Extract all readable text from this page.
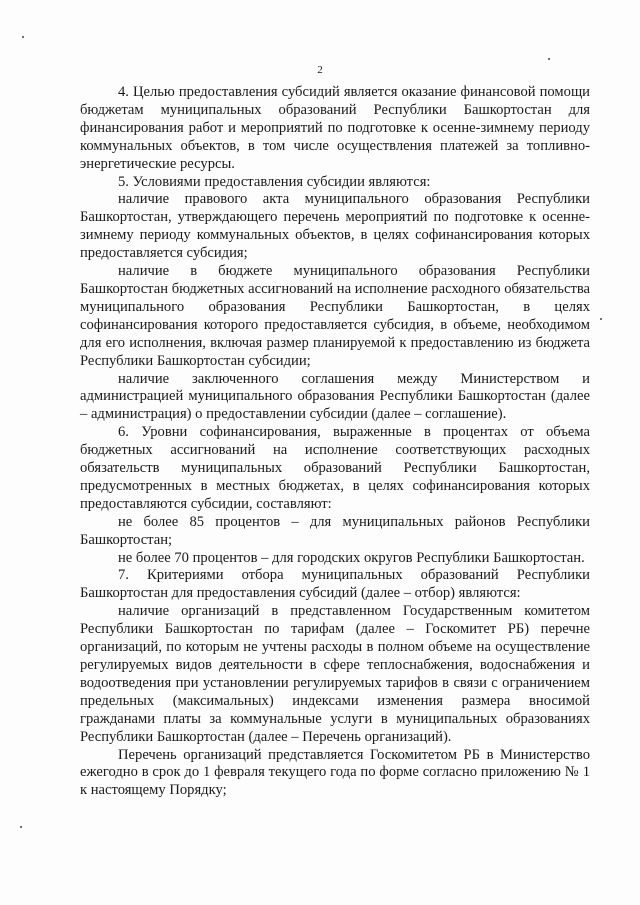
2

4. Целью предоставления субсидий является оказание финансовой помощи бюджетам муниципальных образований Республики Башкортостан для финансирования работ и мероприятий по подготовке к осенне-зимнему периоду коммунальных объектов, в том числе осуществления платежей за топливно-энергетические ресурсы.

5. Условиями предоставления субсидии являются:

наличие правового акта муниципального образования Республики Башкортостан, утверждающего перечень мероприятий по подготовке к осенне-зимнему периоду коммунальных объектов, в целях софинансирования которых предоставляется субсидия;

наличие в бюджете муниципального образования Республики Башкортостан бюджетных ассигнований на исполнение расходного обязательства муниципального образования Республики Башкортостан, в целях софинансирования которого предоставляется субсидия, в объеме, необходимом для его исполнения, включая размер планируемой к предоставлению из бюджета Республики Башкортостан субсидии;

наличие заключенного соглашения между Министерством и администрацией муниципального образования Республики Башкортостан (далее – администрация) о предоставлении субсидии (далее – соглашение).

6. Уровни софинансирования, выраженные в процентах от объема бюджетных ассигнований на исполнение соответствующих расходных обязательств муниципальных образований Республики Башкортостан, предусмотренных в местных бюджетах, в целях софинансирования которых предоставляются субсидии, составляют:

не более 85 процентов – для муниципальных районов Республики Башкортостан;

не более 70 процентов – для городских округов Республики Башкортостан.

7. Критериями отбора муниципальных образований Республики Башкортостан для предоставления субсидий (далее – отбор) являются:

наличие организаций в представленном Государственным комитетом Республики Башкортостан по тарифам (далее – Госкомитет РБ) перечне организаций, по которым не учтены расходы в полном объеме на осуществление регулируемых видов деятельности в сфере теплоснабжения, водоснабжения и водоотведения при установлении регулируемых тарифов в связи с ограничением предельных (максимальных) индексами изменения размера вносимой гражданами платы за коммунальные услуги в муниципальных образованиях Республики Башкортостан (далее – Перечень организаций).

Перечень организаций представляется Госкомитетом РБ в Министерство ежегодно в срок до 1 февраля текущего года по форме согласно приложению № 1 к настоящему Порядку;
